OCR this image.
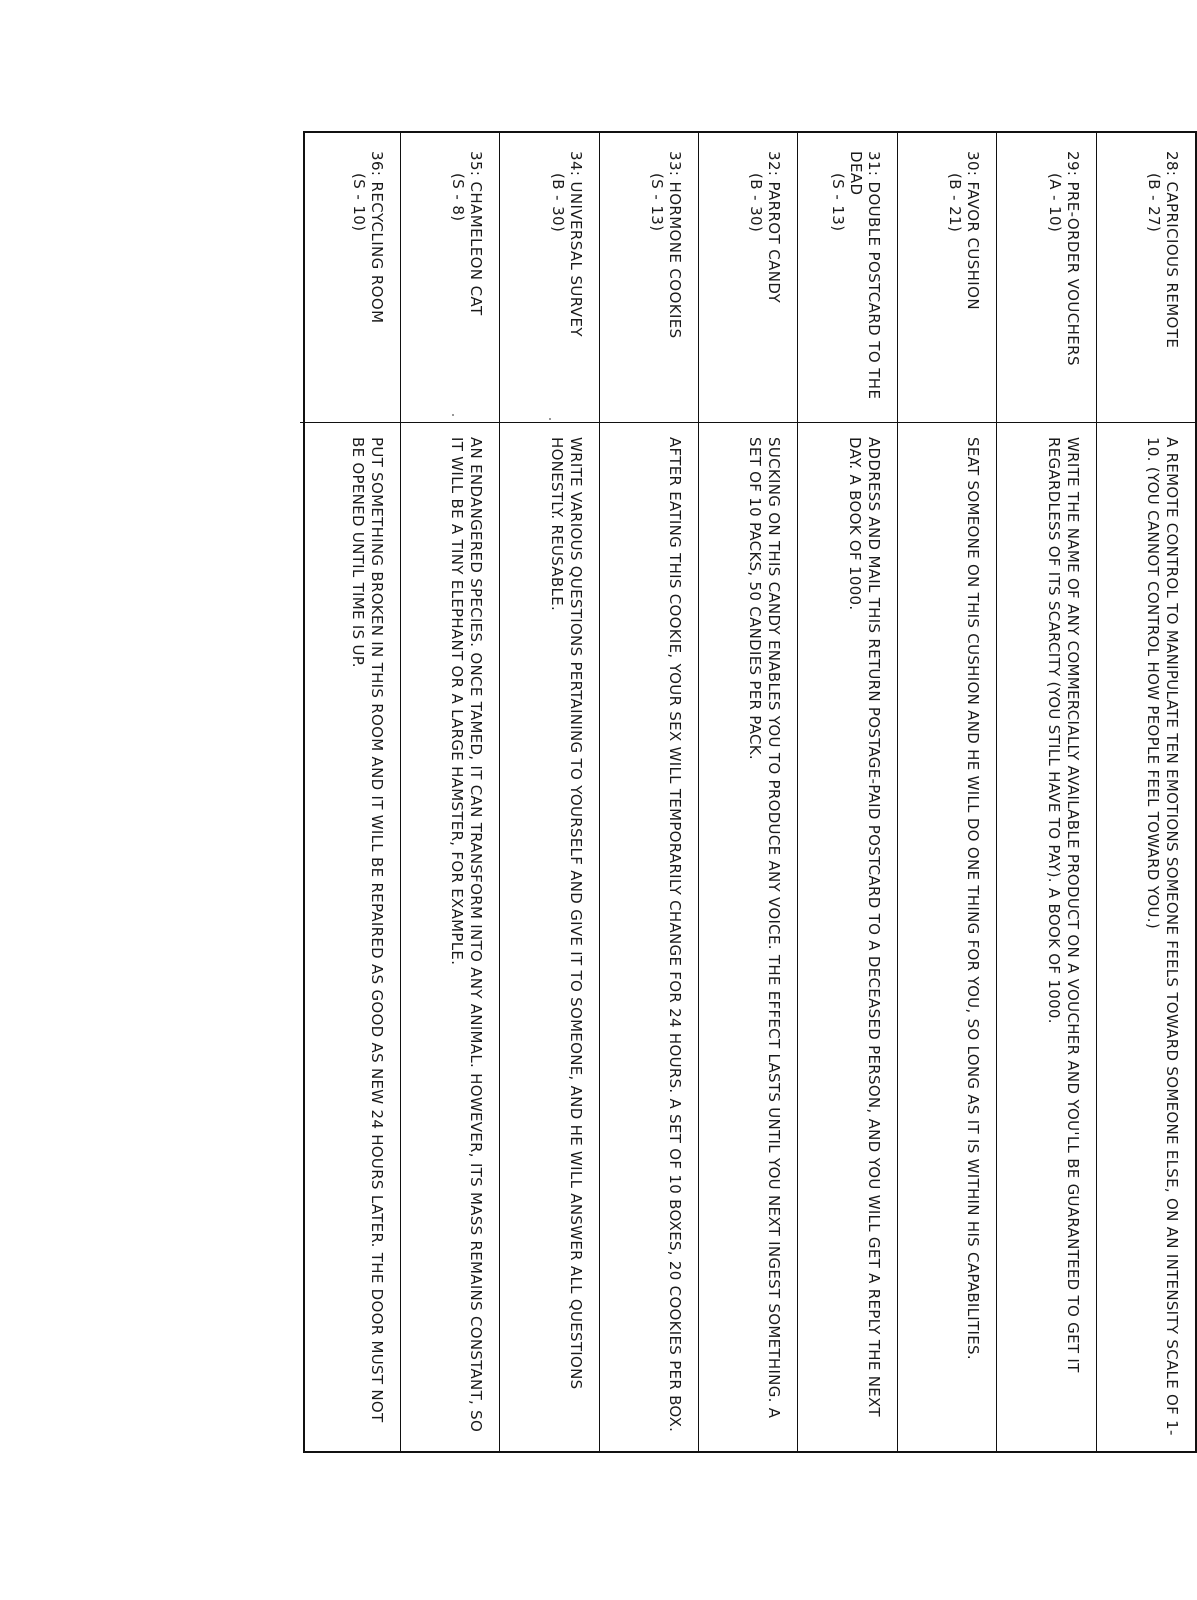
28: CAPRICIOUS REMOTE
(B - 27)

A REMOTE CONTROL TO MANIPULATE TEN EMOTIONS SOMEONE FEELS TOWARD SOMEONE ELSE, ON AN INTENSITY SCALE OF 1-10. (YOU CANNOT CONTROL HOW PEOPLE FEEL TOWARD YOU.)

29: PRE-ORDER VOUCHERS
(A - 10)

WRITE THE NAME OF ANY COMMERCIALLY AVAILABLE PRODUCT ON A VOUCHER AND YOU'LL BE GUARANTEED TO GET IT REGARDLESS OF ITS SCARCITY (YOU STILL HAVE TO PAY). A BOOK OF 1000.

30: FAVOR CUSHION
(B - 21)

SEAT SOMEONE ON THIS CUSHION AND HE WILL DO ONE THING FOR YOU, SO LONG AS IT IS WITHIN HIS CAPABILITIES.

31: DOUBLE POSTCARD TO THE DEAD
(S - 13)

ADDRESS AND MAIL THIS RETURN POSTAGE-PAID POSTCARD TO A DECEASED PERSON, AND YOU WILL GET A REPLY THE NEXT DAY. A BOOK OF 1000.

32: PARROT CANDY
(B - 30)

SUCKING ON THIS CANDY ENABLES YOU TO PRODUCE ANY VOICE. THE EFFECT LASTS UNTIL YOU NEXT INGEST SOMETHING. A SET OF 10 PACKS, 50 CANDIES PER PACK.

33: HORMONE COOKIES
(S - 13)

AFTER EATING THIS COOKIE, YOUR SEX WILL TEMPORARILY CHANGE FOR 24 HOURS. A SET OF 10 BOXES, 20 COOKIES PER BOX.

34: UNIVERSAL SURVEY
(B - 30)

WRITE VARIOUS QUESTIONS PERTAINING TO YOURSELF AND GIVE IT TO SOMEONE, AND HE WILL ANSWER ALL QUESTIONS HONESTLY. REUSABLE.

35: CHAMELEON CAT
(S - 8)

AN ENDANGERED SPECIES. ONCE TAMED, IT CAN TRANSFORM INTO ANY ANIMAL. HOWEVER, ITS MASS REMAINS CONSTANT, SO IT WILL BE A TINY ELEPHANT OR A LARGE HAMSTER, FOR EXAMPLE.

36: RECYCLING ROOM
(S - 10)

PUT SOMETHING BROKEN IN THIS ROOM AND IT WILL BE REPAIRED AS GOOD AS NEW 24 HOURS LATER. THE DOOR MUST NOT BE OPENED UNTIL TIME IS UP.
